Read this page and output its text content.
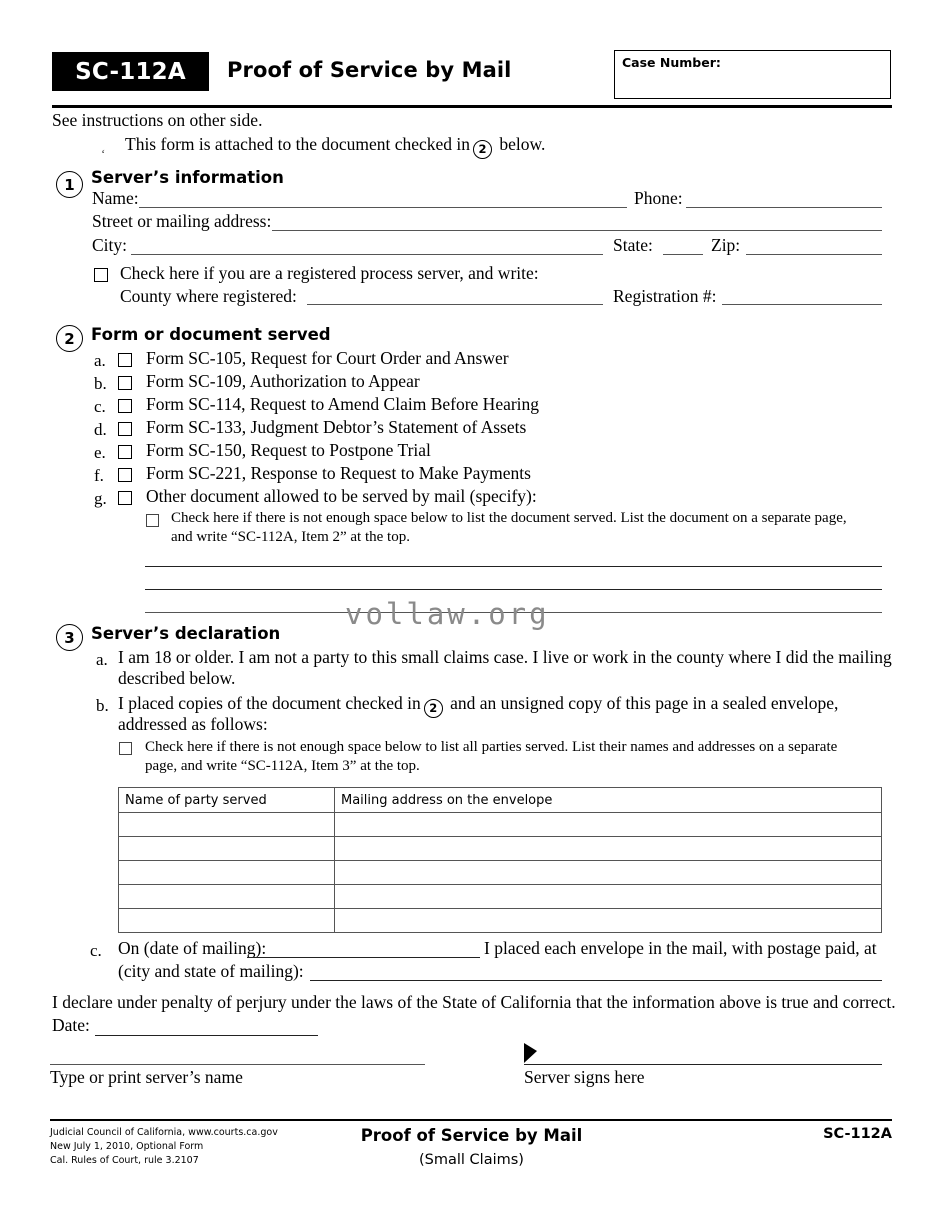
SC-112A	Proof of Service by Mail	Case Number:
See instructions on other side.
‘ This form is attached to the document checked in 2 below.
1 Server’s information
Name:	Phone:
Street or mailing address:
City:	State:	Zip:
Check here if you are a registered process server, and write:
County where registered:	Registration #:
2 Form or document served
a. Form SC-105, Request for Court Order and Answer
b. Form SC-109, Authorization to Appear
c. Form SC-114, Request to Amend Claim Before Hearing
d. Form SC-133, Judgment Debtor’s Statement of Assets
e. Form SC-150, Request to Postpone Trial
f. Form SC-221, Response to Request to Make Payments
g. Other document allowed to be served by mail (specify):
Check here if there is not enough space below to list the document served. List the document on a separate page,
and write “SC-112A, Item 2” at the top.
vollaw.org
3 Server’s declaration
a. I am 18 or older. I am not a party to this small claims case. I live or work in the county where I did the mailing
described below.
b. I placed copies of the document checked in 2 and an unsigned copy of this page in a sealed envelope,
addressed as follows:
Check here if there is not enough space below to list all parties served. List their names and addresses on a separate
page, and write “SC-112A, Item 3” at the top.
Name of party served	Mailing address on the envelope

c. On (date of mailing):	I placed each envelope in the mail, with postage paid, at
(city and state of mailing):
I declare under penalty of perjury under the laws of the State of California that the information above is true and correct.
Date:
Type or print server’s name	Server signs here
Judicial Council of California, www.courts.ca.gov
New July 1, 2010, Optional Form
Cal. Rules of Court, rule 3.2107
Proof of Service by Mail
(Small Claims)
SC-112A
